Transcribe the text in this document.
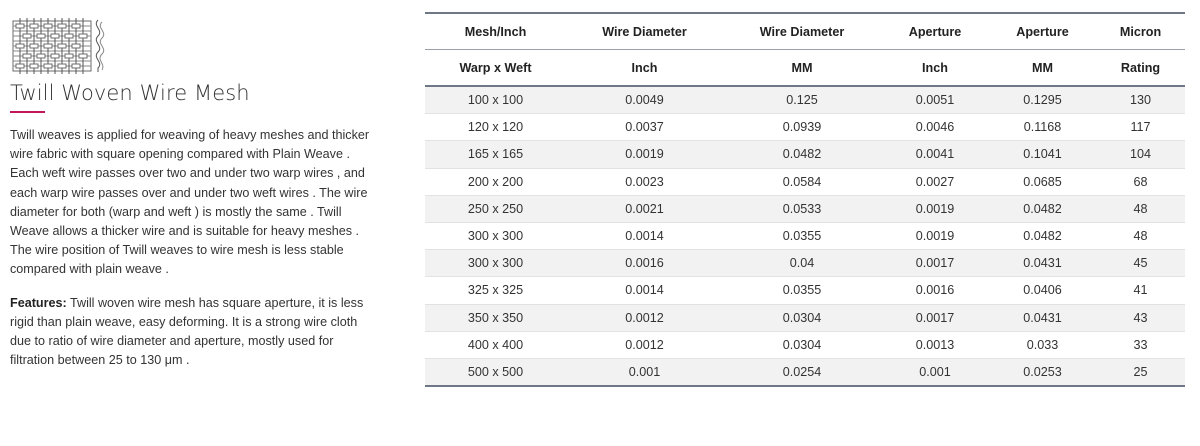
Twill Woven Wire Mesh

Twill weaves is applied for weaving of heavy meshes and thicker wire fabric with square opening compared with Plain Weave . Each weft wire passes over two and under two warp wires , and each warp wire passes over and under two weft wires . The wire diameter for both (warp and weft ) is mostly the same . Twill Weave allows a thicker wire and is suitable for heavy meshes . The wire position of Twill weaves to wire mesh is less stable compared with plain weave .

Features: Twill woven wire mesh has square aperture, it is less rigid than plain weave, easy deforming. It is a strong wire cloth due to ratio of wire diameter and aperture, mostly used for filtration between 25 to 130 μm .

Mesh/Inch	Wire Diameter	Wire Diameter	Aperture	Aperture	Micron
Warp x Weft	Inch	MM	Inch	MM	Rating
100 x 100	0.0049	0.125	0.0051	0.1295	130
120 x 120	0.0037	0.0939	0.0046	0.1168	117
165 x 165	0.0019	0.0482	0.0041	0.1041	104
200 x 200	0.0023	0.0584	0.0027	0.0685	68
250 x 250	0.0021	0.0533	0.0019	0.0482	48
300 x 300	0.0014	0.0355	0.0019	0.0482	48
300 x 300	0.0016	0.04	0.0017	0.0431	45
325 x 325	0.0014	0.0355	0.0016	0.0406	41
350 x 350	0.0012	0.0304	0.0017	0.0431	43
400 x 400	0.0012	0.0304	0.0013	0.033	33
500 x 500	0.001	0.0254	0.001	0.0253	25
